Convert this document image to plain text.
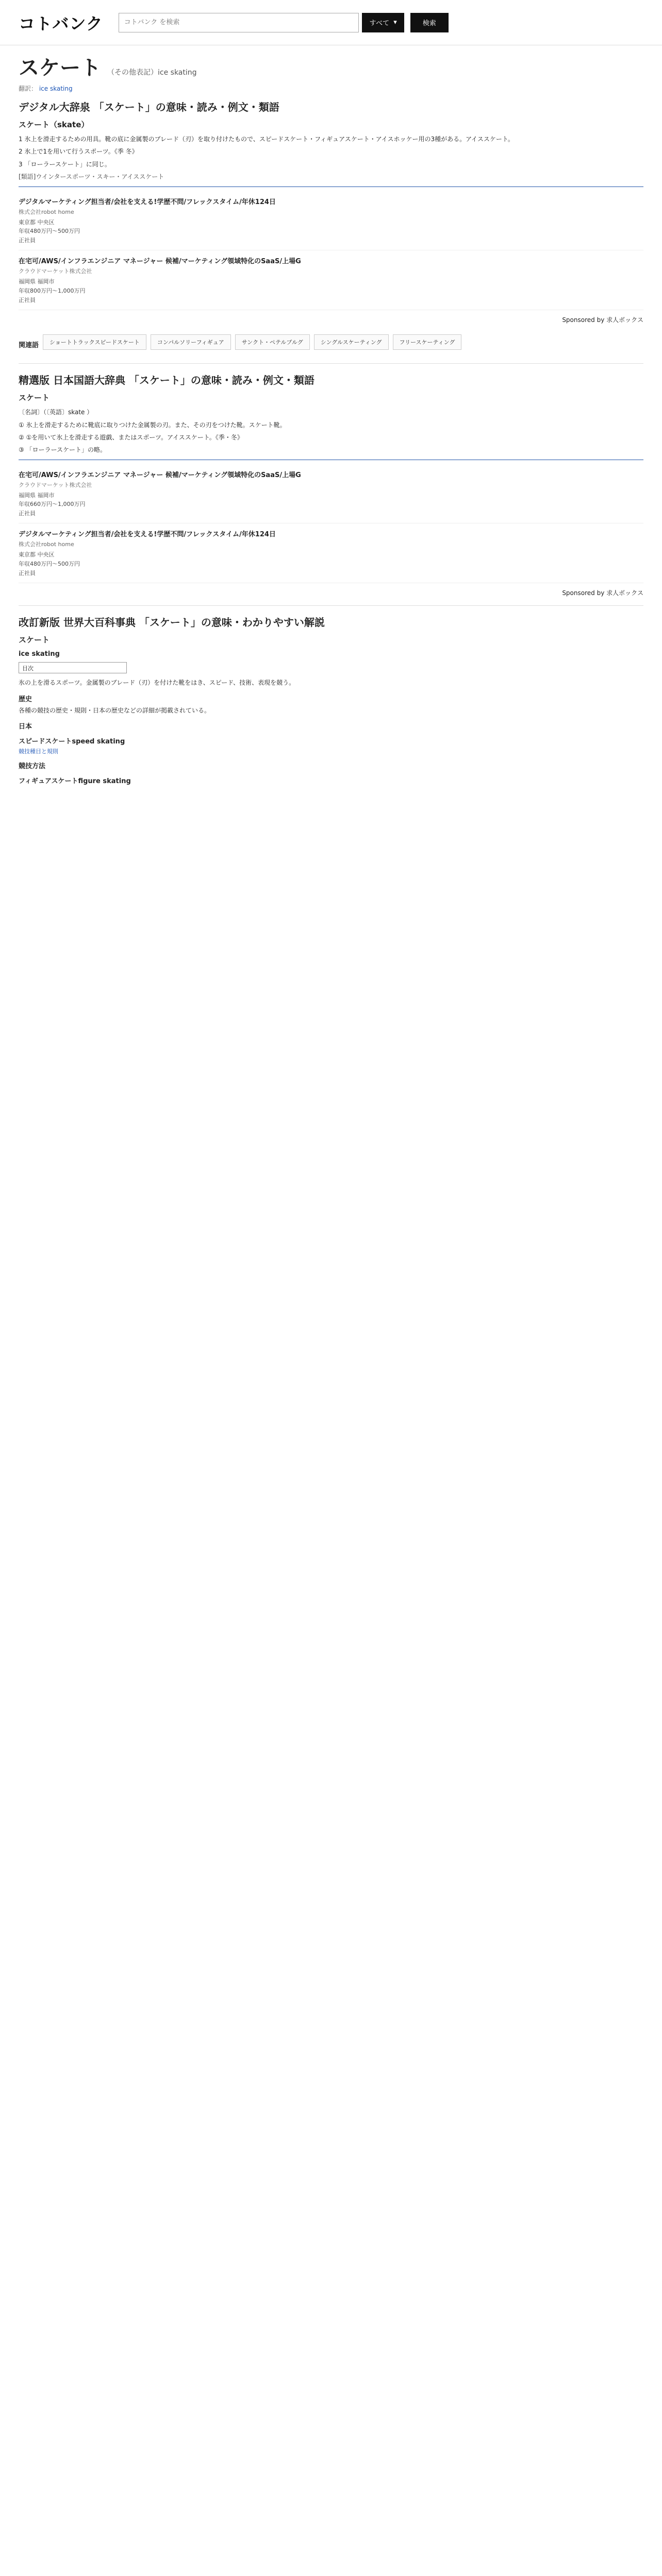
コトバンク
コトバンク を検索	すべて ▾	検索
スケート （その他表記）ice skating
翻訳： ice skating
デジタル大辞泉 「スケート」の意味・読み・例文・類語
スケート（skate）

1 氷上を滑走するための用具。靴の底に金属製のブレード（刃）を取り付けたもので、スピードスケート・フィギュアスケート・アイスホッケー用の3種がある。アイススケート。

2 氷上で1を用いて行うスポーツ。《季 冬》

3 「ローラースケート」に同じ。

[類語]ウインタースポーツ・スキー・アイススケート

デジタルマーケティング担当者/会社を支える!学歴不問/フレックスタイム/年休124日
株式会社robot home
東京都 中央区
年収480万円～500万円
正社員
在宅可/AWS/インフラエンジニア マネージャー 候補/マーケティング領域特化のSaaS/上場G
クラウドマーケット株式会社
福岡県 福岡市
年収800万円～1,000万円
正社員
Sponsored by 求人ボックス
関連語	ショートトラックスピードスケート	コンパルソリーフィギュア	サンクト・ペテルブルグ	シングルスケーティング	フリースケーティング
精選版 日本国語大辞典 「スケート」の意味・読み・例文・類語
スケート

〔名詞〕（〔英語〕skate ）

① 氷上を滑走するために靴底に取りつけた金属製の刃。また、その刃をつけた靴。スケート靴。

② ①を用いて氷上を滑走する遊戯、またはスポーツ。アイススケート。《季・冬》

③ 「ローラースケート」の略。

在宅可/AWS/インフラエンジニア マネージャー 候補/マーケティング領域特化のSaaS/上場G
クラウドマーケット株式会社
福岡県 福岡市
年収660万円～1,000万円
正社員
デジタルマーケティング担当者/会社を支える!学歴不問/フレックスタイム/年休124日
株式会社robot home
東京都 中央区
年収480万円～500万円
正社員
Sponsored by 求人ボックス
改訂新版 世界大百科事典 「スケート」の意味・わかりやすい解説
スケート
ice skating
目次

氷の上を滑るスポーツ。金属製のブレード（刃）を付けた靴をはき、スピード、技術、表現を競う。

歴史

各種の競技の歴史・規則・日本の歴史などの詳細が掲載されている。

日本
スピードスケートspeed skating
競技種目と規則
競技方法
フィギュアスケートfigure skating
